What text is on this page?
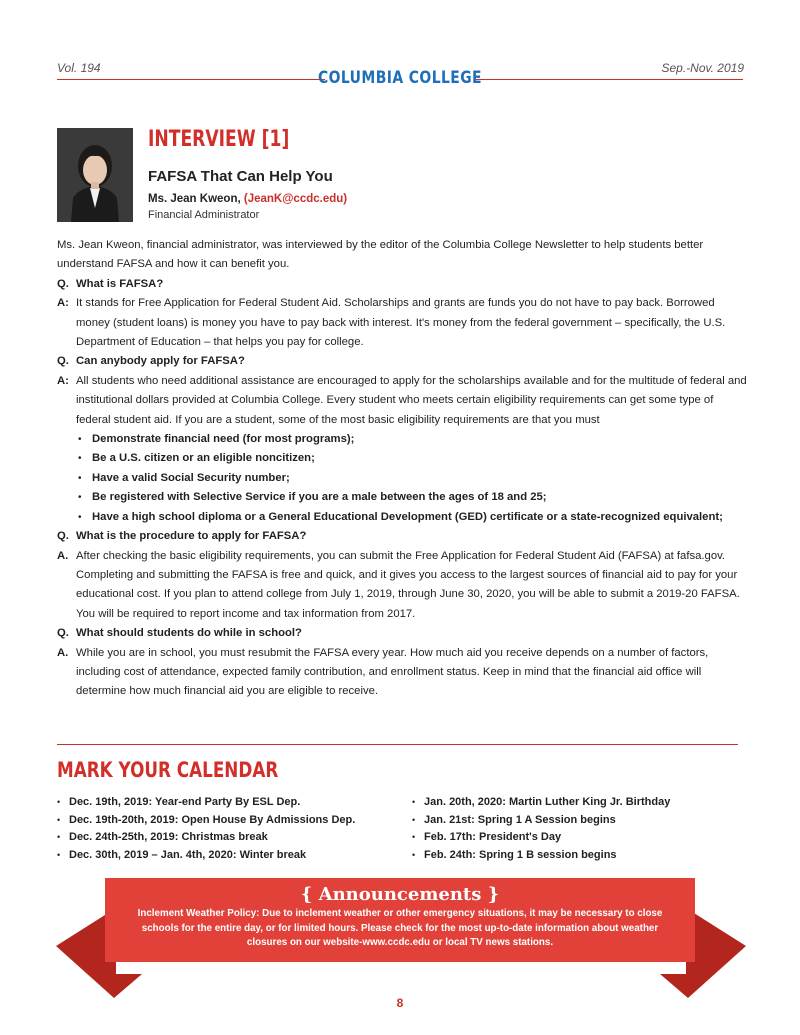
Vol. 194	Sep.-Nov. 2019
COLUMBIA COLLEGE
INTERVIEW [1]
FAFSA That Can Help You
Ms. Jean Kweon, (JeanK@ccdc.edu)
Financial Administrator

Ms. Jean Kweon, financial administrator, was interviewed by the editor of the Columbia College Newsletter to help students better understand FAFSA and how it can benefit you.

Q. What is FAFSA?
A: It stands for Free Application for Federal Student Aid. Scholarships and grants are funds you do not have to pay back. Borrowed money (student loans) is money you have to pay back with interest. It's money from the federal government – specifically, the U.S. Department of Education – that helps you pay for college.
Q. Can anybody apply for FAFSA?
A: All students who need additional assistance are encouraged to apply for the scholarships available and for the multitude of federal and institutional dollars provided at Columbia College. Every student who meets certain eligibility requirements can get some type of federal student aid. If you are a student, some of the most basic eligibility requirements are that you must
• Demonstrate financial need (for most programs);
• Be a U.S. citizen or an eligible noncitizen;
• Have a valid Social Security number;
• Be registered with Selective Service if you are a male between the ages of 18 and 25;
• Have a high school diploma or a General Educational Development (GED) certificate or a state-recognized equivalent;
Q. What is the procedure to apply for FAFSA?
A. After checking the basic eligibility requirements, you can submit the Free Application for Federal Student Aid (FAFSA) at fafsa.gov. Completing and submitting the FAFSA is free and quick, and it gives you access to the largest sources of financial aid to pay for your educational cost. If you plan to attend college from July 1, 2019, through June 30, 2020, you will be able to submit a 2019-20 FAFSA. You will be required to report income and tax information from 2017.
Q. What should students do while in school?
A. While you are in school, you must resubmit the FAFSA every year. How much aid you receive depends on a number of factors, including cost of attendance, expected family contribution, and enrollment status. Keep in mind that the financial aid office will determine how much financial aid you are eligible to receive.
MARK YOUR CALENDAR
• Dec. 19th, 2019: Year-end Party By ESL Dep.
• Dec. 19th-20th, 2019: Open House By Admissions Dep.
• Dec. 24th-25th, 2019: Christmas break
• Dec. 30th, 2019 – Jan. 4th, 2020: Winter break
• Jan. 20th, 2020: Martin Luther King Jr. Birthday
• Jan. 21st: Spring 1 A Session begins
• Feb. 17th: President's Day
• Feb. 24th: Spring 1 B session begins
{ Announcements }
Inclement Weather Policy: Due to inclement weather or other emergency situations, it may be necessary to close schools for the entire day, or for limited hours. Please check for the most up-to-date information about weather closures on our website-www.ccdc.edu or local TV news stations.
8
